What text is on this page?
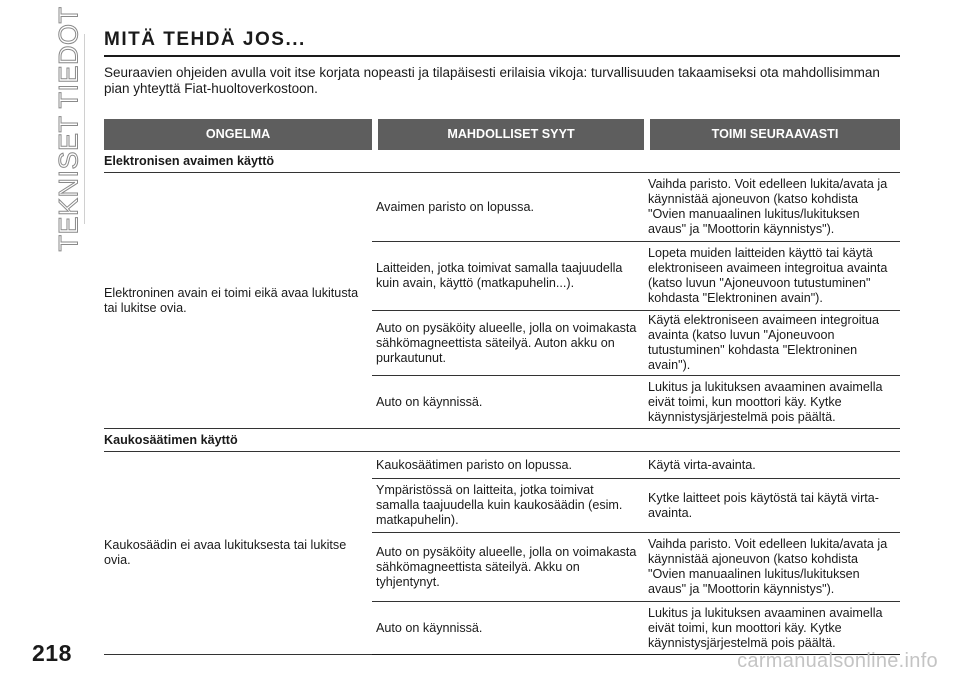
TEKNISET TIEDOT MITÄ TEHDÄ JOS...
Seuraavien ohjeiden avulla voit itse korjata nopeasti ja tilapäisesti erilaisia vikoja: turvallisuuden takaamiseksi ota mahdollisimman pian yhteyttä Fiat-huoltoverkostoon.
ONGELMA	MAHDOLLISET SYYT	TOIMI SEURAAVASTI
Elektronisen avaimen käyttö		
Elektroninen avain ei toimi eikä avaa lukitusta tai lukitse ovia.	Avaimen paristo on lopussa.	Vaihda paristo. Voit edelleen lukita/avata ja käynnistää ajoneuvon (katso kohdista "Ovien manuaalinen lukitus/lukituksen avaus" ja "Moottorin käynnistys").
	Laitteiden, jotka toimivat samalla taajuudella kuin avain, käyttö (matkapuhelin...).	Lopeta muiden laitteiden käyttö tai käytä elektroniseen avaimeen integroitua avainta (katso luvun "Ajoneuvoon tutustuminen" kohdasta "Elektroninen avain").
	Auto on pysäköity alueelle, jolla on voimakasta sähkömagneettista säteilyä. Auton akku on purkautunut.	Käytä elektroniseen avaimeen integroitua avainta (katso luvun "Ajoneuvoon tutustuminen" kohdasta "Elektroninen avain").
	Auto on käynnissä.	Lukitus ja lukituksen avaaminen avaimella eivät toimi, kun moottori käy. Kytke käynnistysjärjestelmä pois päältä.
Kaukosäätimen käyttö		
Kaukosäädin ei avaa lukituksesta tai lukitse ovia.	Kaukosäätimen paristo on lopussa.	Käytä virta-avainta.
	Ympäristössä on laitteita, jotka toimivat samalla taajuudella kuin kaukosäädin (esim. matkapuhelin).	Kytke laitteet pois käytöstä tai käytä virta-avainta.
	Auto on pysäköity alueelle, jolla on voimakasta sähkömagneettista säteilyä. Akku on tyhjentynyt.	Vaihda paristo. Voit edelleen lukita/avata ja käynnistää ajoneuvon (katso kohdista "Ovien manuaalinen lukitus/lukituksen avaus" ja "Moottorin käynnistys").
	Auto on käynnissä.	Lukitus ja lukituksen avaaminen avaimella eivät toimi, kun moottori käy. Kytke käynnistysjärjestelmä pois päältä.
218	carmanualsonline.info
